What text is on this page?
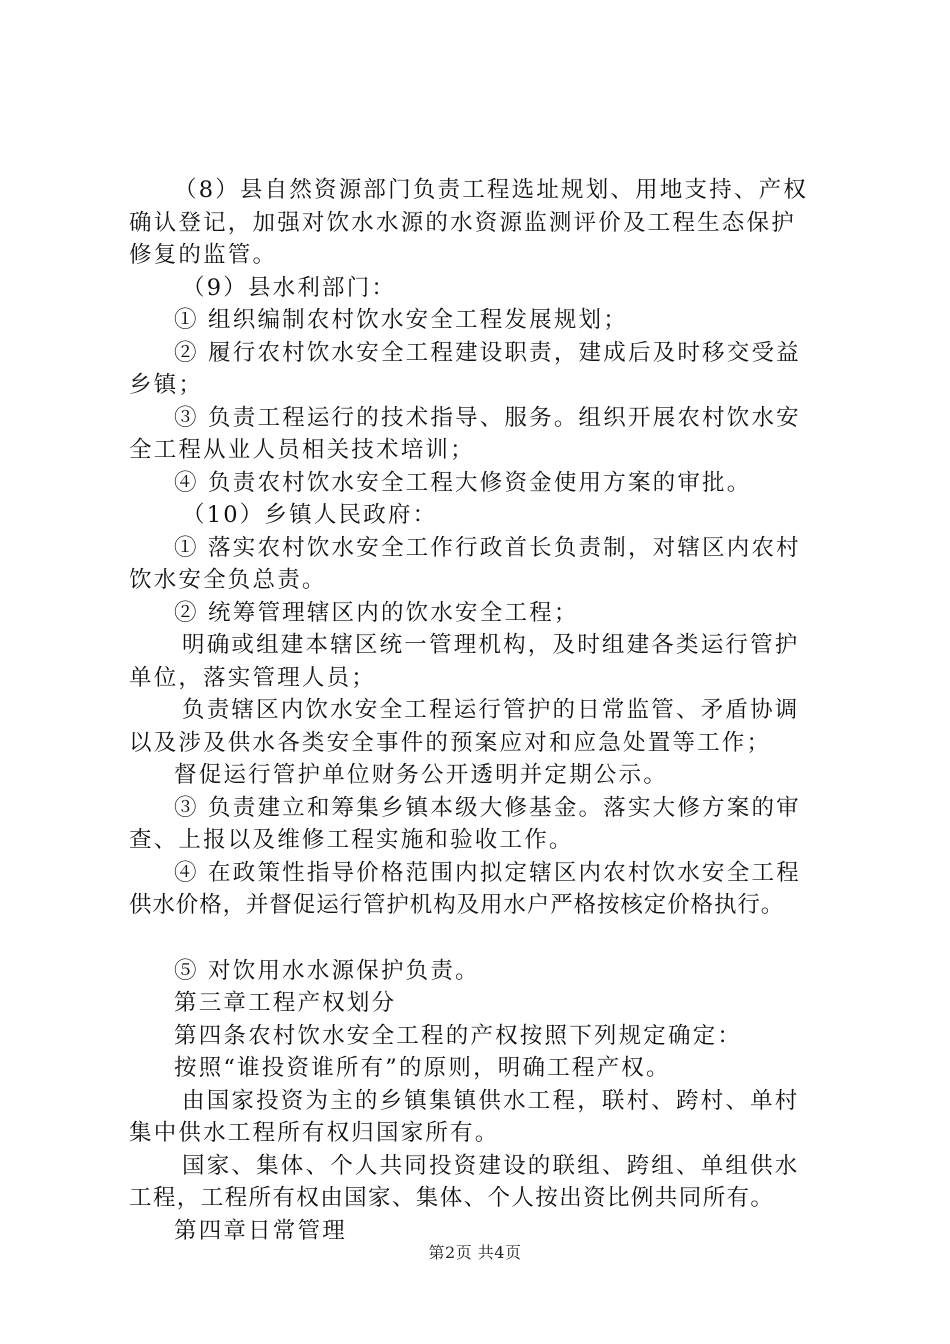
（8）县自然资源部门负责工程选址规划、用地支持、产权
确认登记，加强对饮水水源的水资源监测评价及工程生态保护
修复的监管。
（9）县水利部门：
① 组织编制农村饮水安全工程发展规划；
② 履行农村饮水安全工程建设职责，建成后及时移交受益
乡镇；
③ 负责工程运行的技术指导、服务。组织开展农村饮水安
全工程从业人员相关技术培训；
④ 负责农村饮水安全工程大修资金使用方案的审批。
（10）乡镇人民政府：
① 落实农村饮水安全工作行政首长负责制，对辖区内农村
饮水安全负总责。
② 统筹管理辖区内的饮水安全工程；
明确或组建本辖区统一管理机构，及时组建各类运行管护
单位，落实管理人员；
负责辖区内饮水安全工程运行管护的日常监管、矛盾协调
以及涉及供水各类安全事件的预案应对和应急处置等工作；
督促运行管护单位财务公开透明并定期公示。
③ 负责建立和筹集乡镇本级大修基金。落实大修方案的审
查、上报以及维修工程实施和验收工作。
④ 在政策性指导价格范围内拟定辖区内农村饮水安全工程
供水价格，并督促运行管护机构及用水户严格按核定价格执行。
⑤ 对饮用水水源保护负责。
第三章工程产权划分
第四条农村饮水安全工程的产权按照下列规定确定：
按照“谁投资谁所有”的原则，明确工程产权。
由国家投资为主的乡镇集镇供水工程，联村、跨村、单村
集中供水工程所有权归国家所有。
国家、集体、个人共同投资建设的联组、跨组、单组供水
工程，工程所有权由国家、集体、个人按出资比例共同所有。
第四章日常管理
第2页 共4页
